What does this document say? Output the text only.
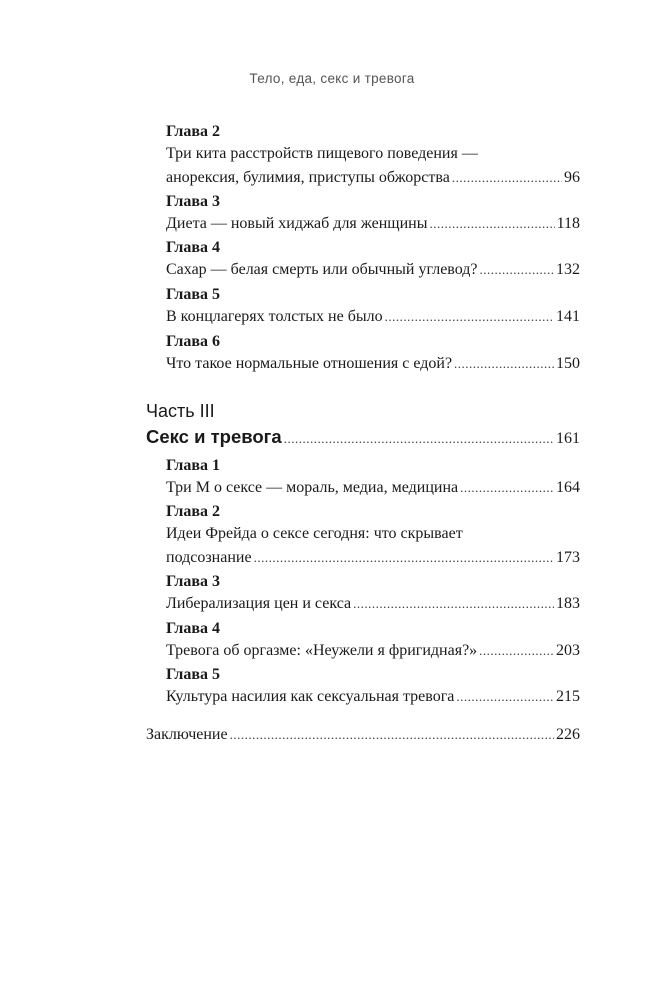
Тело, еда, секс и тревога
Глава 2
Три кита расстройств пищевого поведения —
анорексия, булимия, приступы обжорства .....	96
Глава 3
Диета — новый хиджаб для женщины .....	118
Глава 4
Сахар — белая смерть или обычный углевод? .....	132
Глава 5
В концлагерях толстых не было .....	141
Глава 6
Что такое нормальные отношения с едой? .....	150
Часть III
Секс и тревога .....	161
Глава 1
Три М о сексе — мораль, медиа, медицина .....	164
Глава 2
Идеи Фрейда о сексе сегодня: что скрывает
подсознание .....	173
Глава 3
Либерализация цен и секса .....	183
Глава 4
Тревога об оргазме: «Неужели я фригидная?» .....	203
Глава 5
Культура насилия как сексуальная тревога .....	215
Заключение .....	226
